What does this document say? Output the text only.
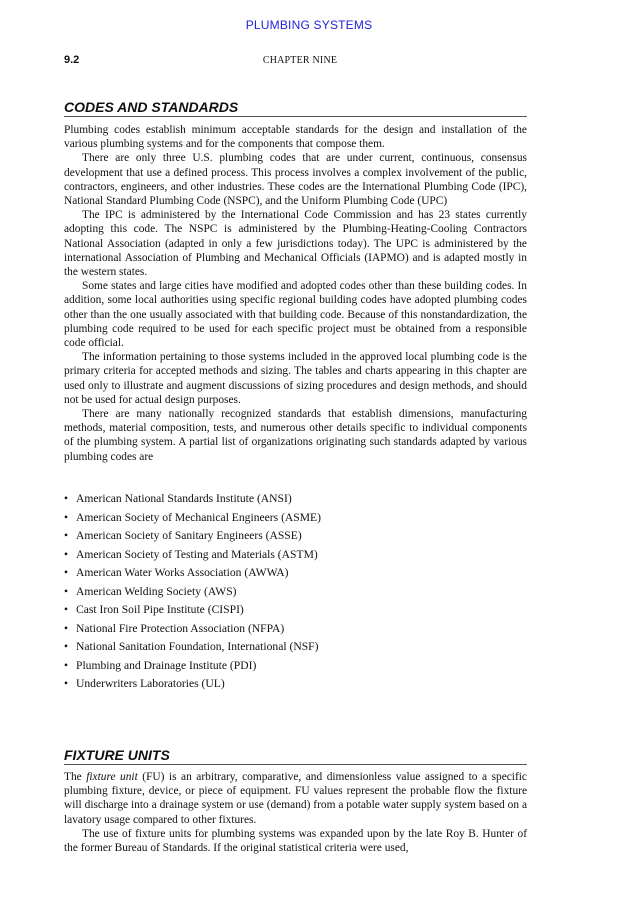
PLUMBING SYSTEMS
9.2	CHAPTER NINE
CODES AND STANDARDS

Plumbing codes establish minimum acceptable standards for the design and installation of the various plumbing systems and for the components that compose them.

There are only three U.S. plumbing codes that are under current, continuous, consensus development that use a defined process. This process involves a complex involvement of the public, contractors, engineers, and other industries. These codes are the International Plumbing Code (IPC), National Standard Plumbing Code (NSPC), and the Uniform Plumbing Code (UPC)

The IPC is administered by the International Code Commission and has 23 states currently adopting this code. The NSPC is administered by the Plumbing-Heating-Cooling Contractors National Association (adapted in only a few jurisdictions today). The UPC is administered by the international Association of Plumbing and Mechanical Officials (IAPMO) and is adapted mostly in the western states.

Some states and large cities have modified and adopted codes other than these building codes. In addition, some local authorities using specific regional building codes have adopted plumbing codes other than the one usually associated with that building code. Because of this nonstandardization, the plumbing code required to be used for each specific project must be obtained from a responsible code official.

The information pertaining to those systems included in the approved local plumbing code is the primary criteria for accepted methods and sizing. The tables and charts appearing in this chapter are used only to illustrate and augment discussions of sizing procedures and design methods, and should not be used for actual design purposes.

There are many nationally recognized standards that establish dimensions, manufacturing methods, material composition, tests, and numerous other details specific to individual components of the plumbing system. A partial list of organizations originating such standards adapted by various plumbing codes are

• American National Standards Institute (ANSI)
• American Society of Mechanical Engineers (ASME)
• American Society of Sanitary Engineers (ASSE)
• American Society of Testing and Materials (ASTM)
• American Water Works Association (AWWA)
• American Welding Society (AWS)
• Cast Iron Soil Pipe Institute (CISPI)
• National Fire Protection Association (NFPA)
• National Sanitation Foundation, International (NSF)
• Plumbing and Drainage Institute (PDI)
• Underwriters Laboratories (UL)
FIXTURE UNITS

The fixture unit (FU) is an arbitrary, comparative, and dimensionless value assigned to a specific plumbing fixture, device, or piece of equipment. FU values represent the probable flow the fixture will discharge into a drainage system or use (demand) from a potable water supply system based on a lavatory usage compared to other fixtures.

The use of fixture units for plumbing systems was expanded upon by the late Roy B. Hunter of the former Bureau of Standards. If the original statistical criteria were used,
